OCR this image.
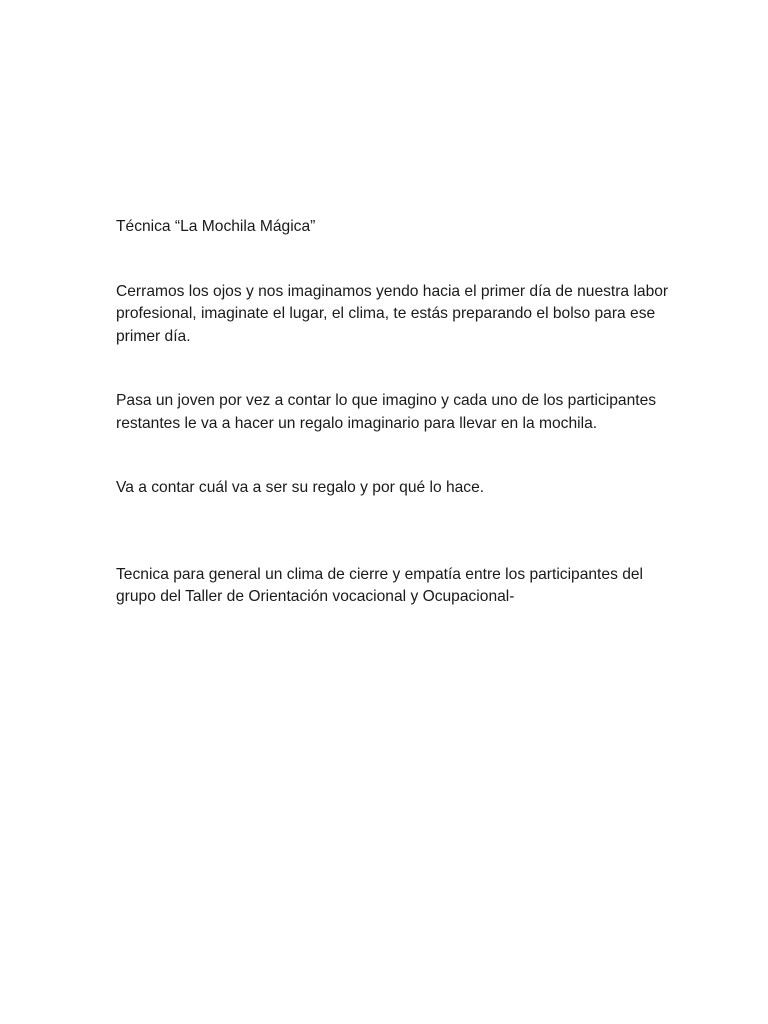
Técnica “La Mochila Mágica”

Cerramos los ojos y nos imaginamos yendo hacia el primer día de nuestra labor profesional, imaginate el lugar, el clima, te estás preparando el bolso para ese primer día.

Pasa un joven por vez a contar lo que imagino y cada uno de los participantes restantes le va a hacer un regalo imaginario para llevar en la mochila.

Va a contar cuál va a ser su regalo y por qué lo hace.

Tecnica para general un clima de cierre y empatía entre los participantes del grupo del Taller de Orientación vocacional y Ocupacional-
